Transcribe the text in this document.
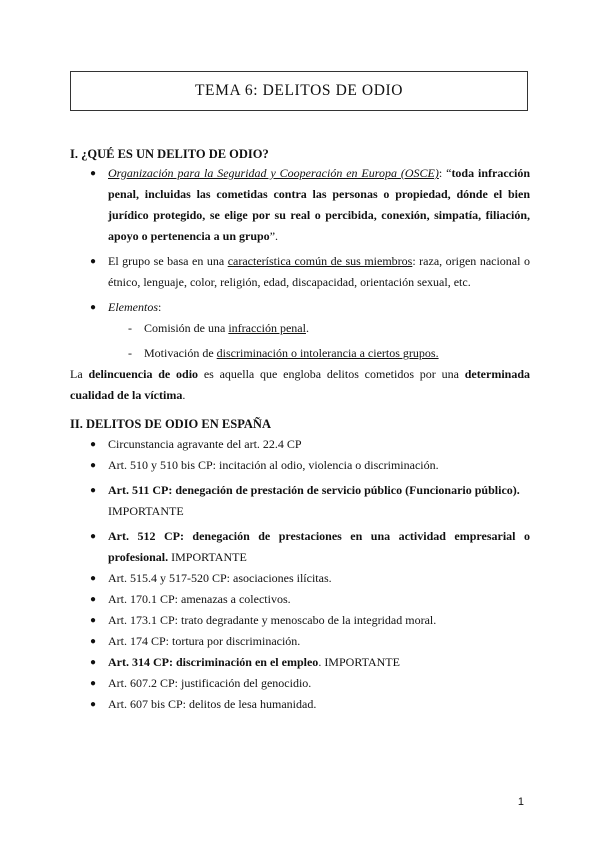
TEMA 6: DELITOS DE ODIO
I. ¿QUÉ ES UN DELITO DE ODIO?

● Organización para la Seguridad y Cooperación en Europa (OSCE): “toda infracción penal, incluidas las cometidas contra las personas o propiedad, dónde el bien jurídico protegido, se elige por su real o percibida, conexión, simpatía, filiación, apoyo o pertenencia a un grupo”.

● El grupo se basa en una característica común de sus miembros: raza, origen nacional o étnico, lenguaje, color, religión, edad, discapacidad, orientación sexual, etc.

● Elementos:

- Comisión de una infracción penal.

- Motivación de discriminación o intolerancia a ciertos grupos.

La delincuencia de odio es aquella que engloba delitos cometidos por una determinada cualidad de la víctima.

II. DELITOS DE ODIO EN ESPAÑA

● Circunstancia agravante del art. 22.4 CP

● Art. 510 y 510 bis CP: incitación al odio, violencia o discriminación.

● Art. 511 CP: denegación de prestación de servicio público (Funcionario público). IMPORTANTE

● Art. 512 CP: denegación de prestaciones en una actividad empresarial o profesional. IMPORTANTE

● Art. 515.4 y 517-520 CP: asociaciones ilícitas.

● Art. 170.1 CP: amenazas a colectivos.

● Art. 173.1 CP: trato degradante y menoscabo de la integridad moral.

● Art. 174 CP: tortura por discriminación.

● Art. 314 CP: discriminación en el empleo. IMPORTANTE

● Art. 607.2 CP: justificación del genocidio.

● Art. 607 bis CP: delitos de lesa humanidad.

1
